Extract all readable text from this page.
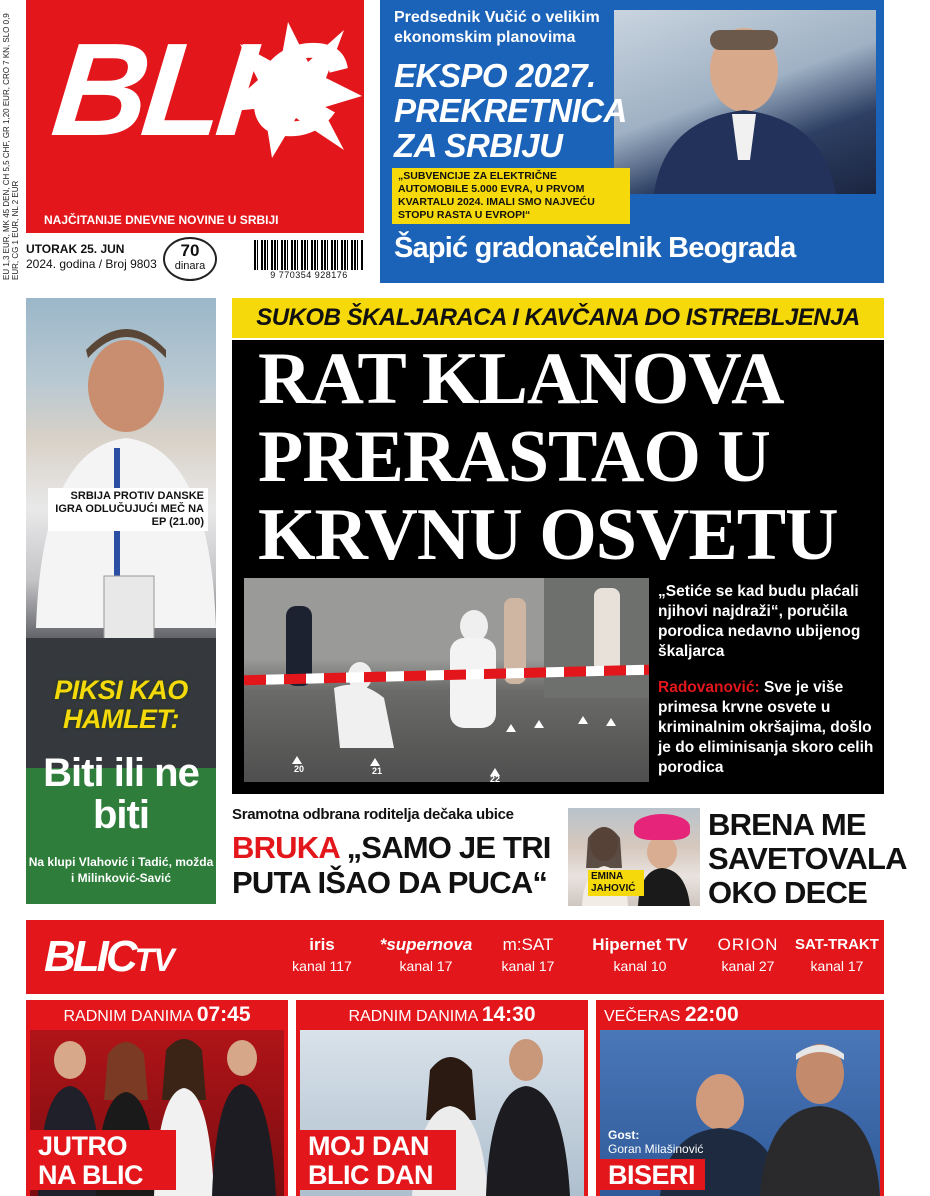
EU 1,3 EUR, MK 45 DEN, CH 5,5 CHF, GR 1,20 EUR, CRO 7 KN, SLO 0,9 EUR, CG 1 EUR, NL 2 EUR
BLIC
NAJČITANIJE DNEVNE NOVINE U SRBIJI
UTORAK 25. JUN
2024. godina / Broj 9803
70
dinara
9 770354 928176
Predsednik Vučić o velikim ekonomskim planovima
EKSPO 2027. PREKRETNICA ZA SRBIJU
„SUBVENCIJE ZA ELEKTRIČNE AUTOMOBILE 5.000 EVRA, U PRVOM KVARTALU 2024. IMALI SMO NAJVEĆU STOPU RASTA U EVROPI“
Šapić gradonačelnik Beograda
SRBIJA PROTIV DANSKE IGRA ODLUČUJUĆI MEČ NA EP (21.00)
PIKSI KAO HAMLET:
Biti ili ne biti
Na klupi Vlahović i Tadić, možda i Milinković-Savić
SUKOB ŠKALJARACA I KAVČANA DO ISTREBLJENJA
RAT KLANOVA PRERASTAO U KRVNU OSVETU
20	21
22
„Setiće se kad budu plaćali njihovi najdraži“, poručila porodica nedavno ubijenog škaljarca
Radovanović: Sve je više primesa krvne osvete u kriminalnim okršajima, došlo je do eliminisanja skoro celih porodica
Sramotna odbrana roditelja dečaka ubice
BRUKA „SAMO JE TRI PUTA IŠAO DA PUCA“	EMINA JAHOVIĆ
BRENA ME SAVETOVALA OKO DECE
BLICTV	iris
kanal 117
*supernova
kanal 17
m:SAT
kanal 17
Hipernet TV
kanal 10
ORION
kanal 27
SAT-TRAKT
kanal 17
RADNIM DANIMA 07:45
JUTRO NA BLIC
RADNIM DANIMA 14:30
MOJ DAN BLIC DAN
VEČERAS 22:00
Gost:
Goran Milašinović
BISERI
